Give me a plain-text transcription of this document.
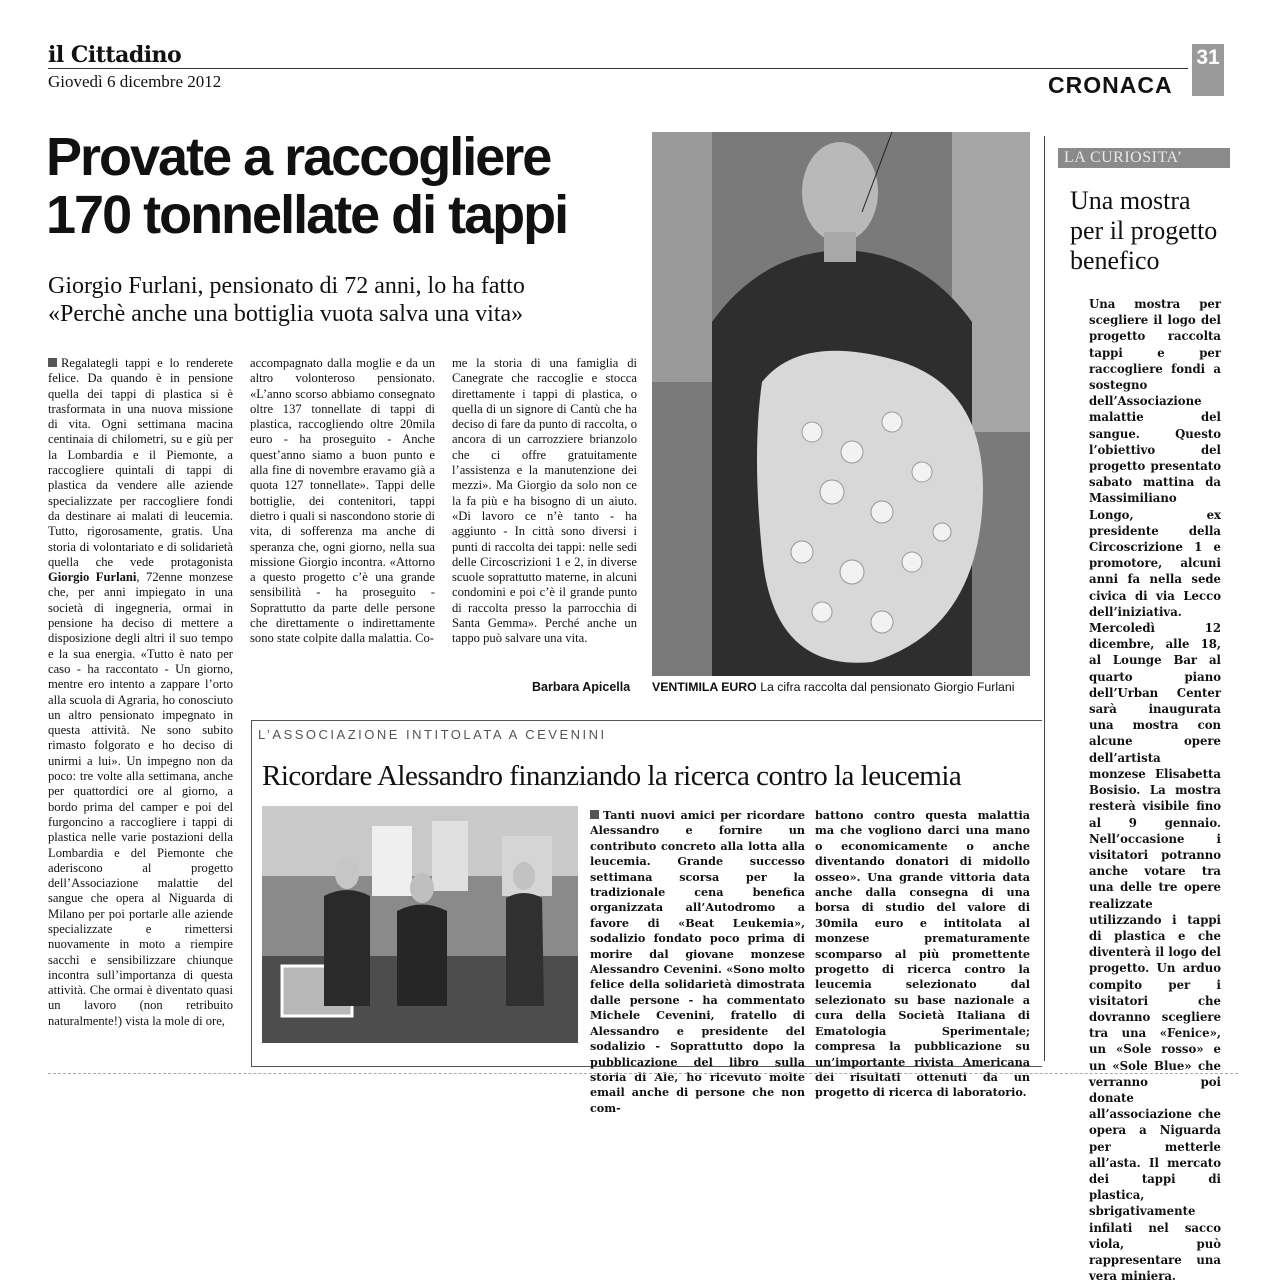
il Cittadino
Giovedì 6 dicembre 2012	CRONACA
31
Provate a raccogliere
170 tonnellate di tappi
Giorgio Furlani, pensionato di 72 anni, lo ha fatto
«Perchè anche una bottiglia vuota salva una vita»

Regalategli tappi e lo renderete felice. Da quando è in pensione quella dei tappi di plastica si è trasformata in una nuova missione di vita. Ogni settimana macina centinaia di chilometri, su e giù per la Lombardia e il Piemonte, a raccogliere quintali di tappi di plastica da vendere alle aziende specializzate per raccogliere fondi da destinare ai malati di leucemia. Tutto, rigorosamente, gratis. Una storia di volontariato e di solidarietà quella che vede protagonista Giorgio Furlani, 72enne monzese che, per anni impiegato in una società di ingegneria, ormai in pensione ha deciso di mettere a disposizione degli altri il suo tempo e la sua energia. «Tutto è nato per caso - ha raccontato - Un giorno, mentre ero intento a zappare l’orto alla scuola di Agraria, ho conosciuto un altro pensionato impegnato in questa attività. Ne sono subito rimasto folgorato e ho deciso di unirmi a lui». Un impegno non da poco: tre volte alla settimana, anche per quattordici ore al giorno, a bordo prima del camper e poi del furgoncino a raccogliere i tappi di plastica nelle varie postazioni della Lombardia e del Piemonte che aderiscono al progetto dell’Associazione malattie del sangue che opera al Niguarda di Milano per poi portarle alle aziende specializzate e rimettersi nuovamente in moto a riempire sacchi e sensibilizzare chiunque incontra sull’importanza di questa attività. Che ormai è diventato quasi un lavoro (non retribuito naturalmente!) vista la mole di ore,

accompagnato dalla moglie e da un altro volonteroso pensionato. «L’anno scorso abbiamo consegnato oltre 137 tonnellate di tappi di plastica, raccogliendo oltre 20mila euro - ha proseguito - Anche quest’anno siamo a buon punto e alla fine di novembre eravamo già a quota 127 tonnellate». Tappi delle bottiglie, dei contenitori, tappi dietro i quali si nascondono storie di vita, di sofferenza ma anche di speranza che, ogni giorno, nella sua missione Giorgio incontra. «Attorno a questo progetto c’è una grande sensibilità - ha proseguito - Soprattutto da parte delle persone che direttamente o indirettamente sono state colpite dalla malattia. Co-

me la storia di una famiglia di Canegrate che raccoglie e stocca direttamente i tappi di plastica, o quella di un signore di Cantù che ha deciso di fare da punto di raccolta, o ancora di un carrozziere brianzolo che ci offre gratuitamente l’assistenza e la manutenzione dei mezzi». Ma Giorgio da solo non ce la fa più e ha bisogno di un aiuto. «Di lavoro ce n’è tanto - ha aggiunto - In città sono diversi i punti di raccolta dei tappi: nelle sedi delle Circoscrizioni 1 e 2, in diverse scuole soprattutto materne, in alcuni condomini e poi c’è il grande punto di raccolta presso la parrocchia di Santa Gemma». Perché anche un tappo può salvare una vita.

Barbara Apicella VENTIMILA EURO La cifra raccolta dal pensionato Giorgio Furlani
LA CURIOSITA’
Una mostra per il progetto benefico
Una mostra per scegliere il logo del progetto raccolta tappi e per raccogliere fondi a sostegno dell’Associazione malattie del sangue. Questo l’obiettivo del progetto presentato sabato mattina da Massimiliano Longo, ex presidente della Circoscrizione 1 e promotore, alcuni anni fa nella sede civica di via Lecco dell’iniziativa. Mercoledì 12 dicembre, alle 18, al Lounge Bar al quarto piano dell’Urban Center sarà inaugurata una mostra con alcune opere dell’artista monzese Elisabetta Bosisio. La mostra resterà visibile fino al 9 gennaio. Nell’occasione i visitatori potranno anche votare tra una delle tre opere realizzate utilizzando i tappi di plastica e che diventerà il logo del progetto. Un arduo compito per i visitatori che dovranno scegliere tra una «Fenice», un «Sole rosso» e un «Sole Blue» che verranno poi donate all’associazione che opera a Niguarda per metterle all’asta. Il mercato dei tappi di plastica, sbrigativamente infilati nel sacco viola, può rappresentare una vera miniera.
L’ASSOCIAZIONE INTITOLATA A CEVENINI
Ricordare Alessandro finanziando la ricerca contro la leucemia

Tanti nuovi amici per ricordare Alessandro e fornire un contributo concreto alla lotta alla leucemia. Grande successo settimana scorsa per la tradizionale cena benefica organizzata all’Autodromo a favore di «Beat Leukemia», sodalizio fondato poco prima di morire dal giovane monzese Alessandro Cevenini. «Sono molto felice della solidarietà dimostrata dalle persone - ha commentato Michele Cevenini, fratello di Alessandro e presidente del sodalizio - Soprattutto dopo la pubblicazione del libro sulla storia di Ale, ho ricevuto molte email anche di persone che non com-

battono contro questa malattia ma che vogliono darci una mano o economicamente o anche diventando donatori di midollo osseo». Una grande vittoria data anche dalla consegna di una borsa di studio del valore di 30mila euro e intitolata al monzese prematuramente scomparso al più promettente progetto di ricerca contro la leucemia selezionato dal selezionato su base nazionale a cura della Società Italiana di Ematologia Sperimentale; compresa la pubblicazione su un’importante rivista Americana dei risultati ottenuti da un progetto di ricerca di laboratorio.
